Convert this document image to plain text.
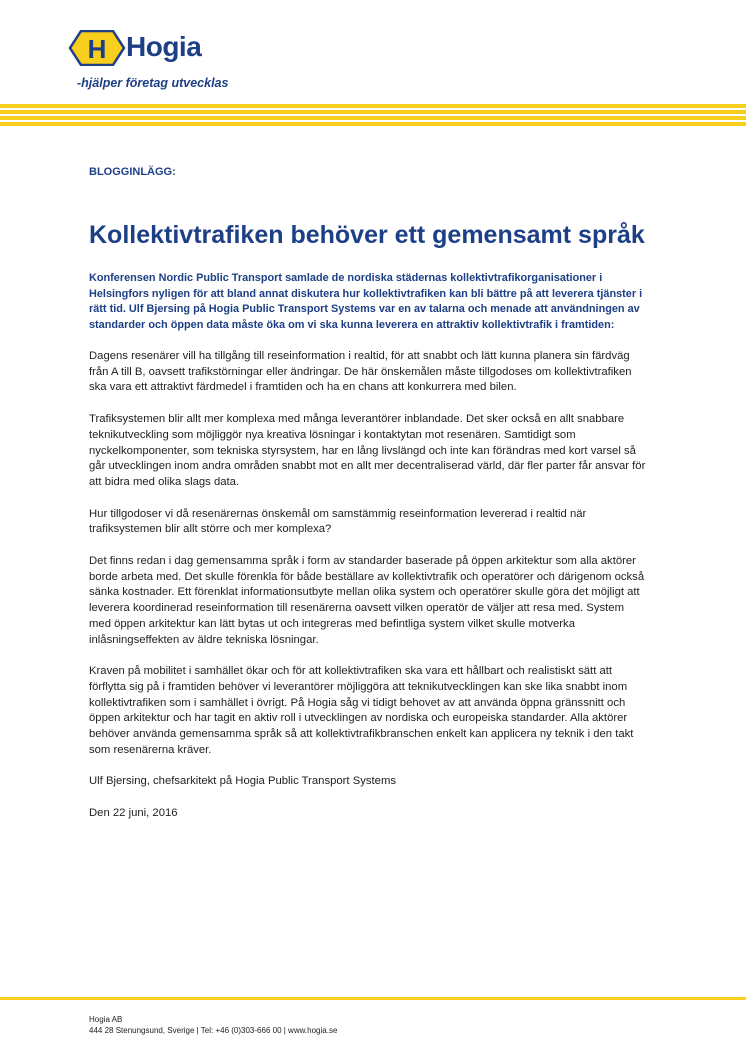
H Hogia
-hjälper företag utvecklas

BLOGGINLÄGG:

Kollektivtrafiken behöver ett gemensamt språk

Konferensen Nordic Public Transport samlade de nordiska städernas kollektivtrafikorganisationer i Helsingfors nyligen för att bland annat diskutera hur kollektivtrafiken kan bli bättre på att leverera tjänster i rätt tid. Ulf Bjersing på Hogia Public Transport Systems var en av talarna och menade att användningen av standarder och öppen data måste öka om vi ska kunna leverera en attraktiv kollektivtrafik i framtiden:

Dagens resenärer vill ha tillgång till reseinformation i realtid, för att snabbt och lätt kunna planera sin färdväg från A till B, oavsett trafikstörningar eller ändringar. De här önskemålen måste tillgodoses om kollektivtrafiken ska vara ett attraktivt färdmedel i framtiden och ha en chans att konkurrera med bilen.

Trafiksystemen blir allt mer komplexa med många leverantörer inblandade. Det sker också en allt snabbare teknikutveckling som möjliggör nya kreativa lösningar i kontaktytan mot resenären. Samtidigt som nyckelkomponenter, som tekniska styrsystem, har en lång livslängd och inte kan förändras med kort varsel så går utvecklingen inom andra områden snabbt mot en allt mer decentraliserad värld, där fler parter får ansvar för att bidra med olika slags data.

Hur tillgodoser vi då resenärernas önskemål om samstämmig reseinformation levererad i realtid när trafiksystemen blir allt större och mer komplexa?

Det finns redan i dag gemensamma språk i form av standarder baserade på öppen arkitektur som alla aktörer borde arbeta med. Det skulle förenkla för både beställare av kollektivtrafik och operatörer och därigenom också sänka kostnader. Ett förenklat informationsutbyte mellan olika system och operatörer skulle göra det möjligt att leverera koordinerad reseinformation till resenärerna oavsett vilken operatör de väljer att resa med. System med öppen arkitektur kan lätt bytas ut och integreras med befintliga system vilket skulle motverka inlåsningseffekten av äldre tekniska lösningar.

Kraven på mobilitet i samhället ökar och för att kollektivtrafiken ska vara ett hållbart och realistiskt sätt att förflytta sig på i framtiden behöver vi leverantörer möjliggöra att teknikutvecklingen kan ske lika snabbt inom kollektivtrafiken som i samhället i övrigt. På Hogia såg vi tidigt behovet av att använda öppna gränssnitt och öppen arkitektur och har tagit en aktiv roll i utvecklingen av nordiska och europeiska standarder. Alla aktörer behöver använda gemensamma språk så att kollektivtrafikbranschen enkelt kan applicera ny teknik i den takt som resenärerna kräver.

Ulf Bjersing, chefsarkitekt på Hogia Public Transport Systems

Den 22 juni, 2016

Hogia AB
444 28 Stenungsund, Sverige | Tel: +46 (0)303-666 00 | www.hogia.se
